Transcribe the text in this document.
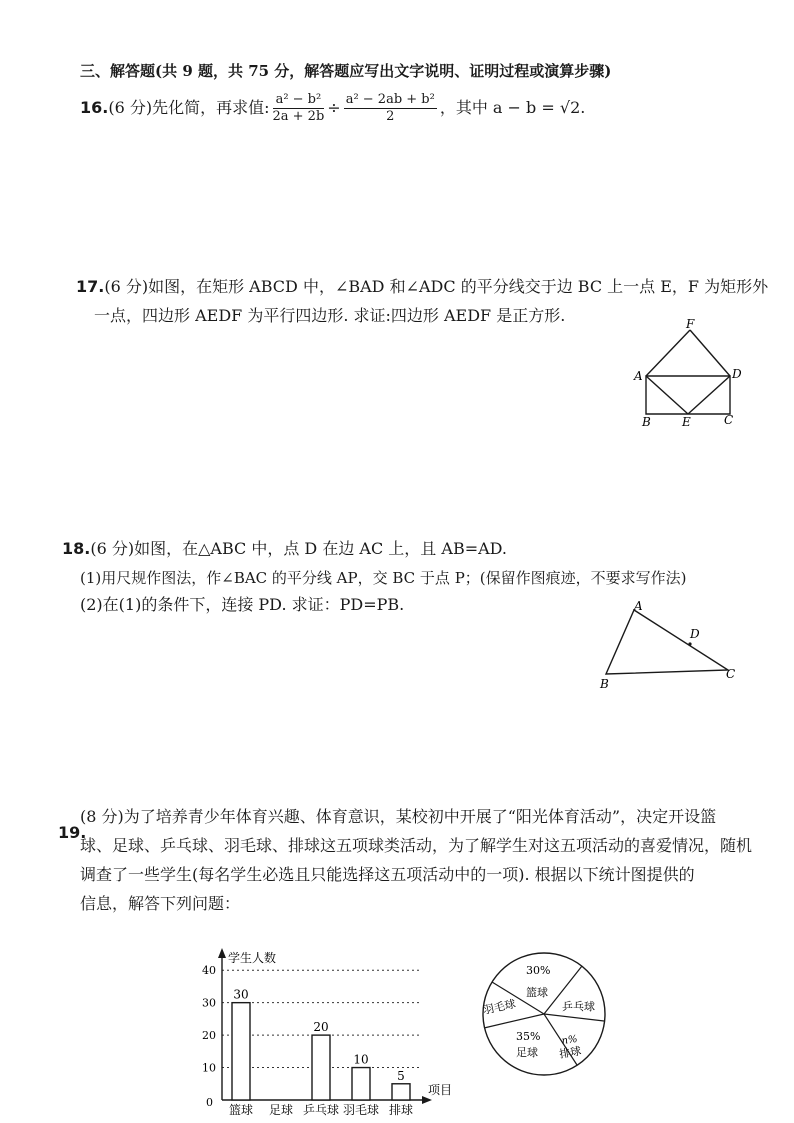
三、解答题(共 9 题，共 75 分，解答题应写出文字说明、证明过程或演算步骤)
16.(6 分)先化简，再求值: $\frac{\text{a² − b²}}{2a + 2b} \div \frac{\text{a² − 2ab + b²}}{2}$ ，其中 a − b = √2.
17.(6 分)如图，在矩形 ABCD 中，∠BAD 和∠ADC 的平分线交于边 BC 上一点 E，F 为矩形外
一点，四边形 AEDF 为平行四边形. 求证:四边形 AEDF 是正方形.	F
A	D
B	E	C
18.(6 分)如图，在△ABC 中，点 D 在边 AC 上，且 AB=AD.
(1)用尺规作图法，作∠BAC 的平分线 AP，交 BC 于点 P；(保留作图痕迹，不要求写作法)
(2)在(1)的条件下，连接 PD. 求证：PD=PB.	A
D
B
C
19.
(8 分)为了培养青少年体育兴趣、体育意识，某校初中开展了“阳光体育活动”，决定开设篮
球、足球、乒乓球、羽毛球、排球这五项球类活动，为了解学生对这五项活动的喜爱情况，随机
调查了一些学生(每名学生必选且只能选择这五项活动中的一项). 根据以下统计图提供的
信息，解答下列问题：
学生人数
项目
0
10
20
30
40
30
篮球 足球
20
乒乓球
10
羽毛球
5
排球
30%
篮球
乒乓球
n%
排球
35%
足球
羽毛球
